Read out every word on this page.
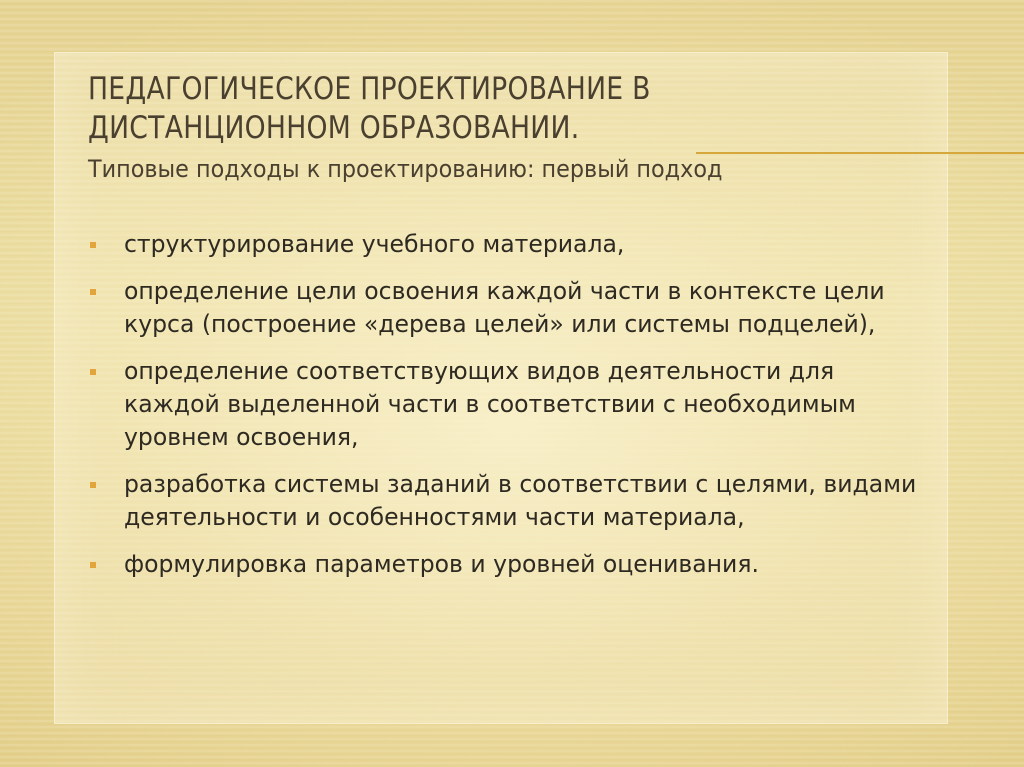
ПЕДАГОГИЧЕСКОЕ ПРОЕКТИРОВАНИЕ В
ДИСТАНЦИОННОМ ОБРАЗОВАНИИ.

Типовые подходы к проектированию: первый подход

структурирование учебного материала,
определение цели освоения каждой части в контексте цели курса (построение «дерева целей» или системы подцелей),
определение соответствующих видов деятельности для каждой выделенной части в соответствии с необходимым уровнем освоения,
разработка системы заданий в соответствии с целями, видами деятельности и особенностями части материала,
формулировка параметров и уровней оценивания.
